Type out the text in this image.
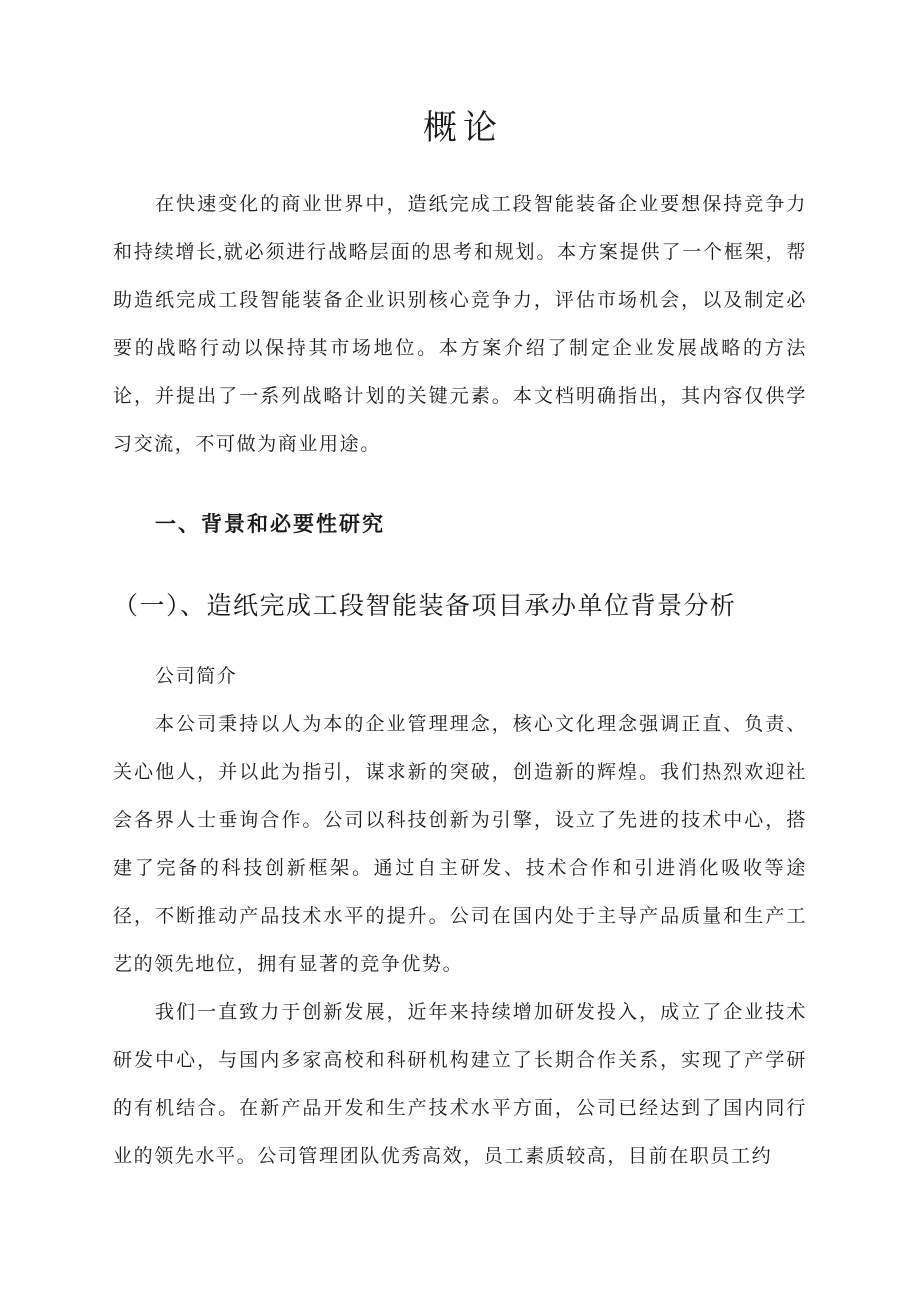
概论

在快速变化的商业世界中，造纸完成工段智能装备企业要想保持竞争力和持续增长,就必须进行战略层面的思考和规划。本方案提供了一个框架，帮助造纸完成工段智能装备企业识别核心竞争力，评估市场机会，以及制定必要的战略行动以保持其市场地位。本方案介绍了制定企业发展战略的方法论，并提出了一系列战略计划的关键元素。本文档明确指出，其内容仅供学习交流，不可做为商业用途。

一、背景和必要性研究
（一）、造纸完成工段智能装备项目承办单位背景分析

公司简介

本公司秉持以人为本的企业管理理念，核心文化理念强调正直、负责、关心他人，并以此为指引，谋求新的突破，创造新的辉煌。我们热烈欢迎社会各界人士垂询合作。公司以科技创新为引擎，设立了先进的技术中心，搭建了完备的科技创新框架。通过自主研发、技术合作和引进消化吸收等途径，不断推动产品技术水平的提升。公司在国内处于主导产品质量和生产工艺的领先地位，拥有显著的竞争优势。

我们一直致力于创新发展，近年来持续增加研发投入，成立了企业技术研发中心，与国内多家高校和科研机构建立了长期合作关系，实现了产学研的有机结合。在新产品开发和生产技术水平方面，公司已经达到了国内同行业的领先水平。公司管理团队优秀高效，员工素质较高，目前在职员工约
